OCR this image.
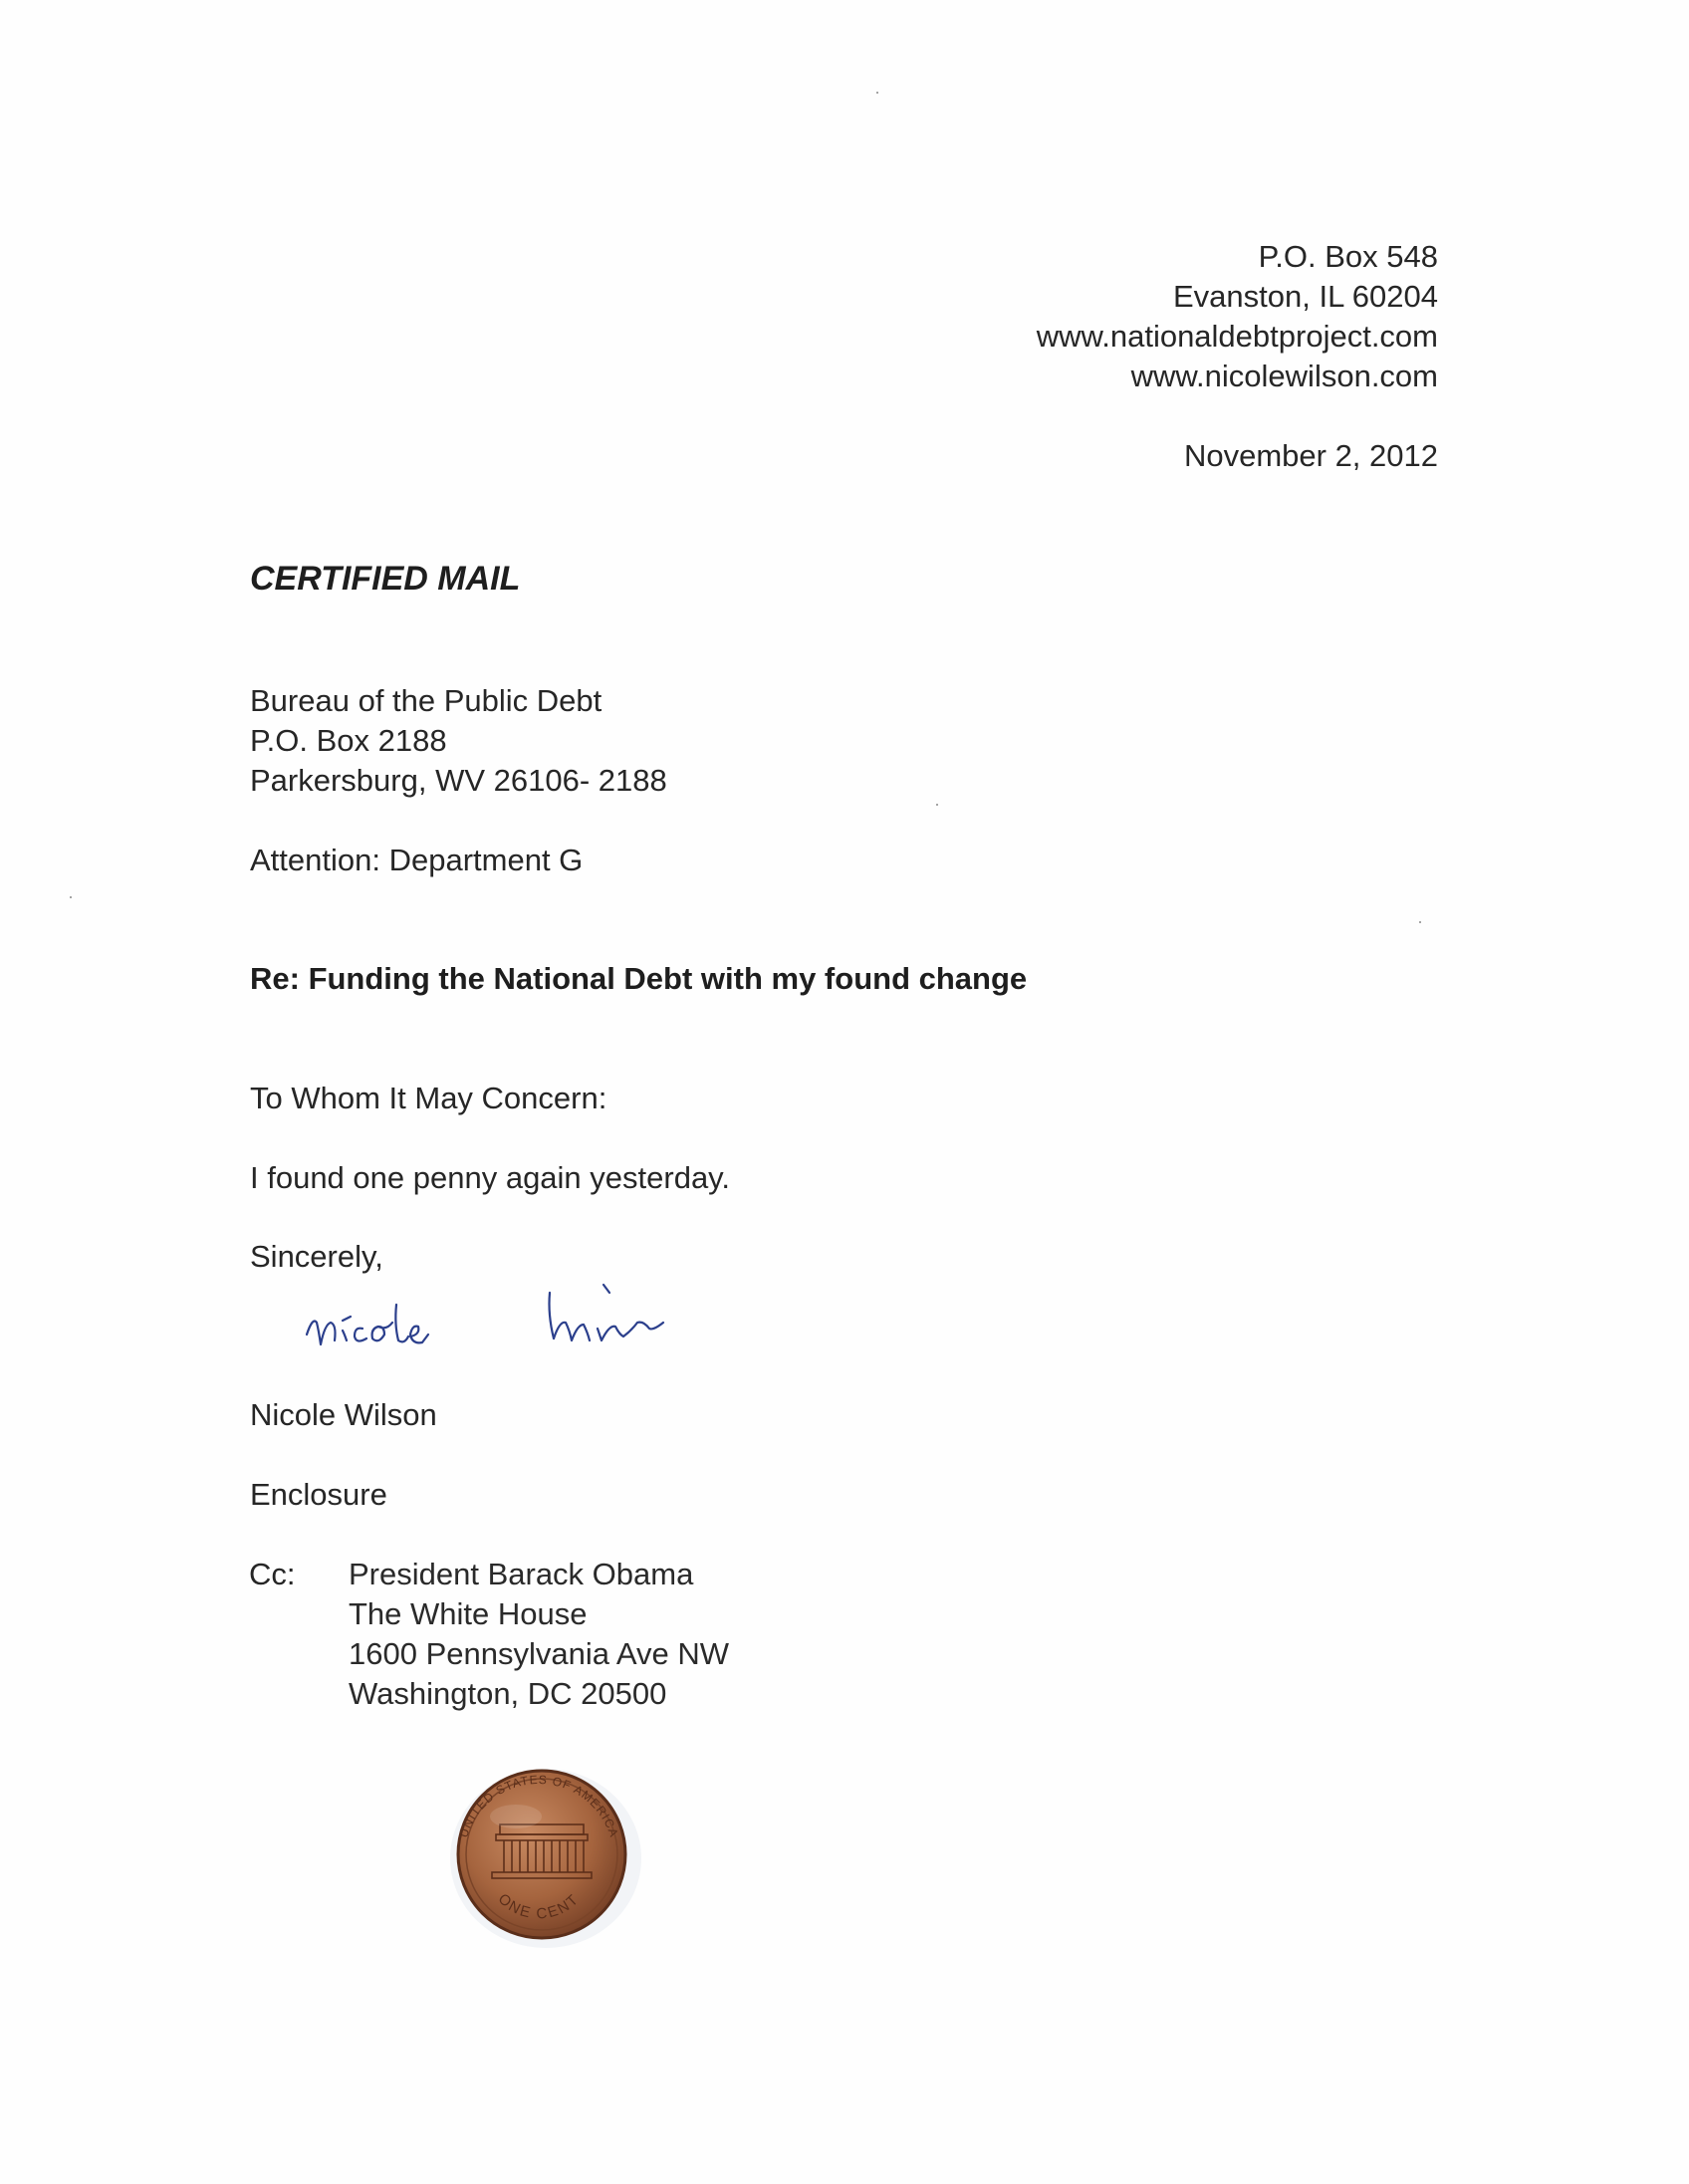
P.O. Box 548
Evanston, IL 60204
www.nationaldebtproject.com
www.nicolewilson.com
November 2, 2012
CERTIFIED MAIL
Bureau of the Public Debt
P.O. Box 2188
Parkersburg, WV 26106- 2188
Attention: Department G
Re: Funding the National Debt with my found change
To Whom It May Concern:
I found one penny again yesterday.
Sincerely,
Nicole Wilson
Enclosure
Cc: President Barack Obama
The White House
1600 Pennsylvania Ave NW
Washington, DC 20500
UNITED STATES OF AMERICA
ONE CENT
